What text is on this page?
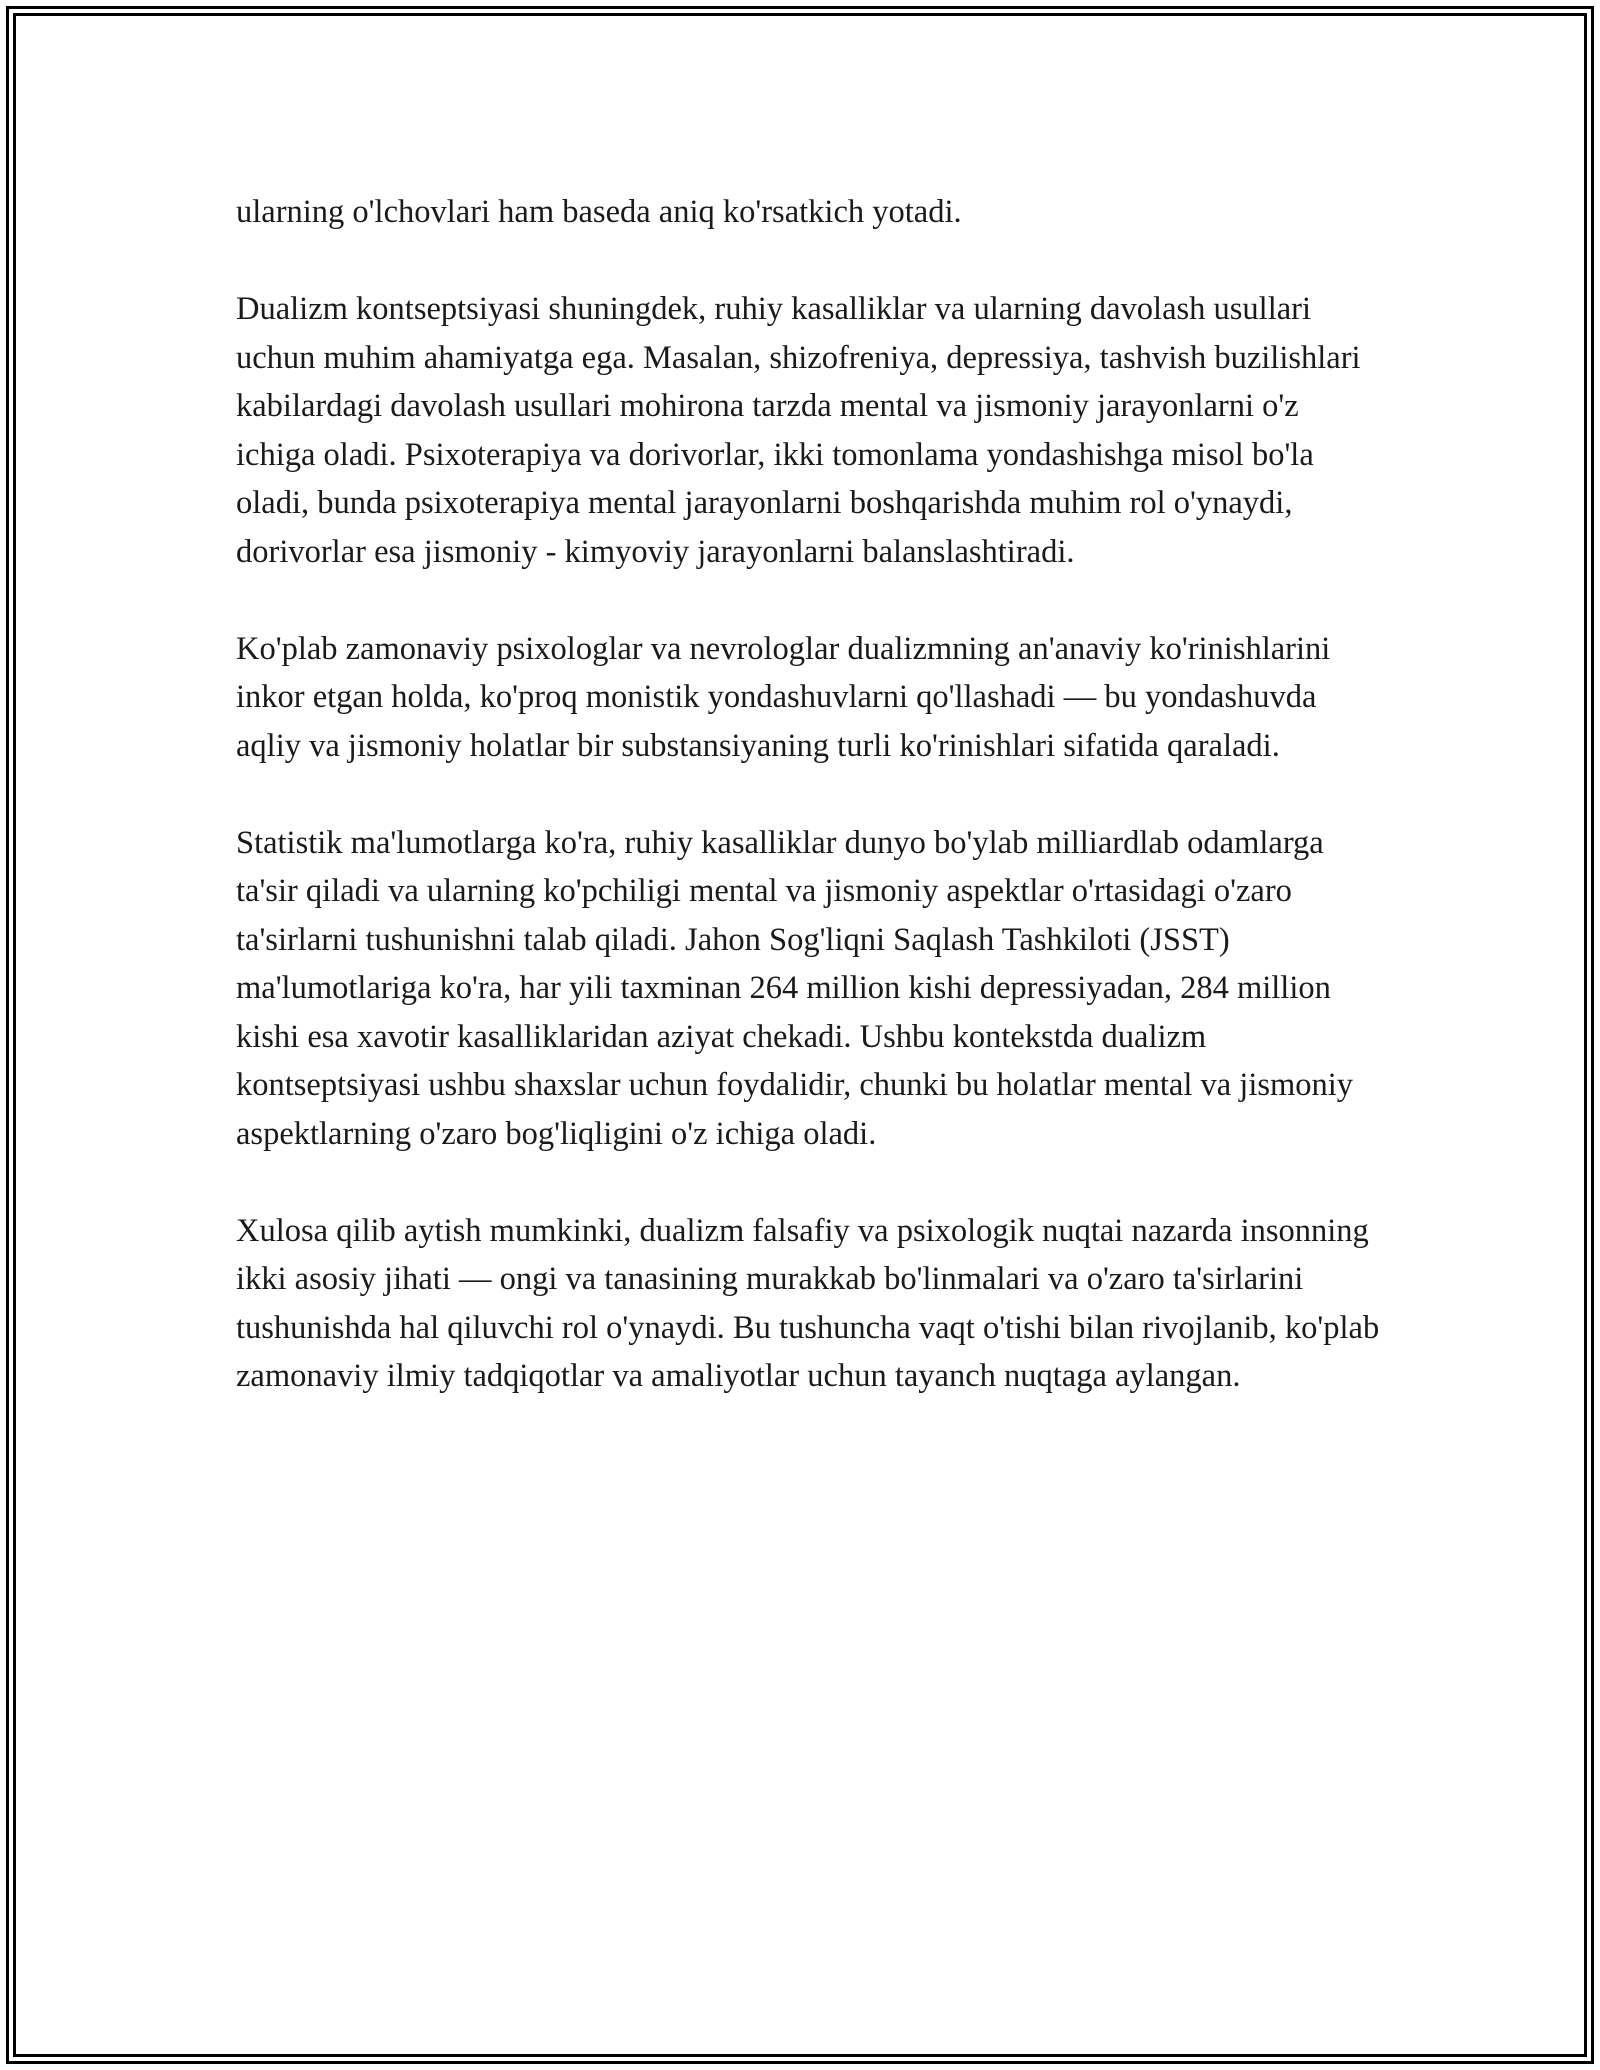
ularning o'lchovlari ham baseda aniq ko'rsatkich yotadi.

Dualizm kontseptsiyasi shuningdek, ruhiy kasalliklar va ularning davolash usullari uchun muhim ahamiyatga ega. Masalan, shizofreniya, depressiya, tashvish buzilishlari kabilardagi davolash usullari mohirona tarzda mental va jismoniy jarayonlarni o'z ichiga oladi. Psixoterapiya va dorivorlar, ikki tomonlama yondashishga misol bo'la oladi, bunda psixoterapiya mental jarayonlarni boshqarishda muhim rol o'ynaydi, dorivorlar esa jismoniy - kimyoviy jarayonlarni balanslashtiradi.

Ko'plab zamonaviy psixologlar va nevrologlar dualizmning an'anaviy ko'rinishlarini inkor etgan holda, ko'proq monistik yondashuvlarni qo'llashadi — bu yondashuvda aqliy va jismoniy holatlar bir substansiyaning turli ko'rinishlari sifatida qaraladi.

Statistik ma'lumotlarga ko'ra, ruhiy kasalliklar dunyo bo'ylab milliardlab odamlarga ta'sir qiladi va ularning ko'pchiligi mental va jismoniy aspektlar o'rtasidagi o'zaro ta'sirlarni tushunishni talab qiladi. Jahon Sog'liqni Saqlash Tashkiloti (JSST) ma'lumotlariga ko'ra, har yili taxminan 264 million kishi depressiyadan, 284 million kishi esa xavotir kasalliklaridan aziyat chekadi. Ushbu kontekstda dualizm kontseptsiyasi ushbu shaxslar uchun foydalidir, chunki bu holatlar mental va jismoniy aspektlarning o'zaro bog'liqligini o'z ichiga oladi.

Xulosa qilib aytish mumkinki, dualizm falsafiy va psixologik nuqtai nazarda insonning ikki asosiy jihati — ongi va tanasining murakkab bo'linmalari va o'zaro ta'sirlarini tushunishda hal qiluvchi rol o'ynaydi. Bu tushuncha vaqt o'tishi bilan rivojlanib, ko'plab zamonaviy ilmiy tadqiqotlar va amaliyotlar uchun tayanch nuqtaga aylangan.
